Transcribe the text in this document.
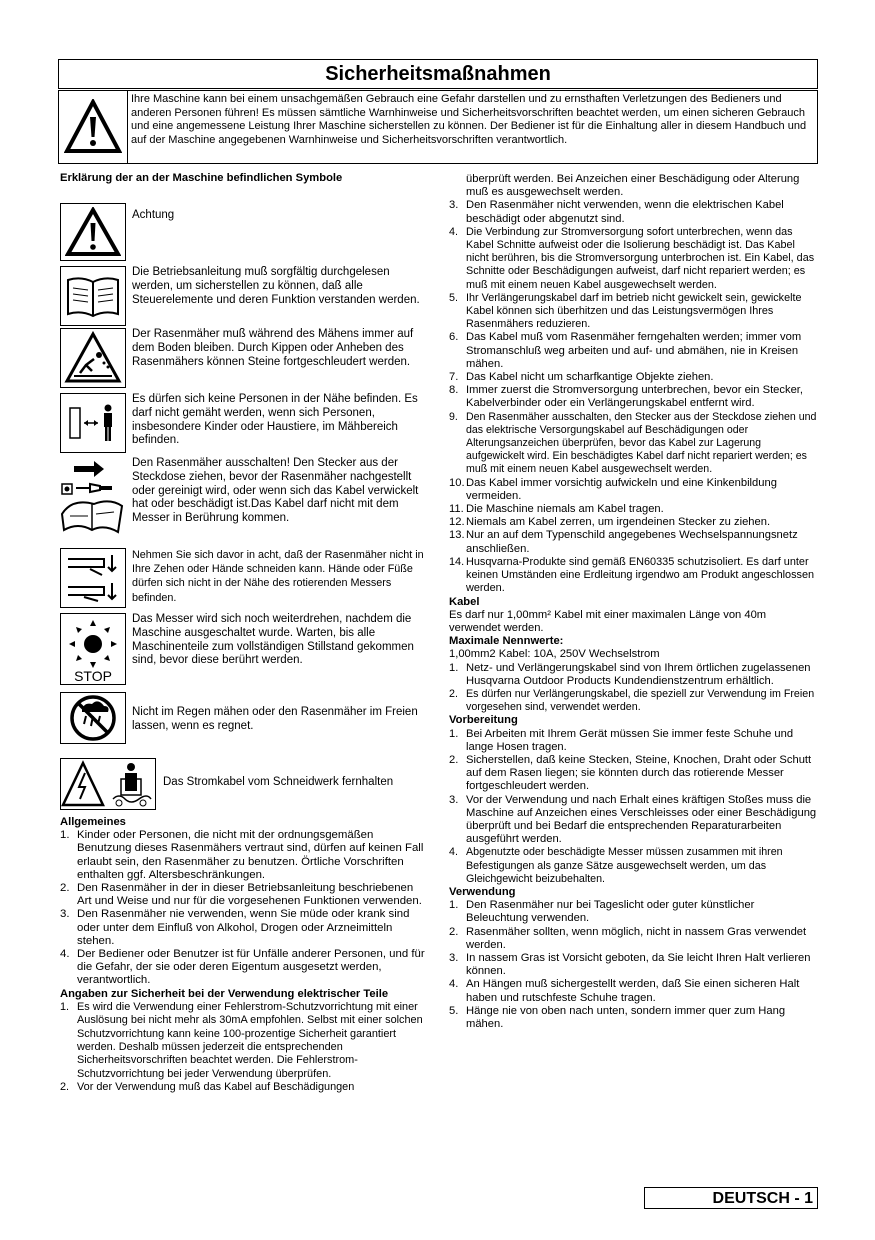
Sicherheitsmaßnahmen
Ihre Maschine kann bei einem unsachgemäßen Gebrauch eine Gefahr darstellen und zu ernsthaften Verletzungen des Bedieners und anderen Personen führen! Es müssen sämtliche Warnhinweise und Sicherheitsvorschriften beachtet werden, um einen sicheren Gebrauch und eine angemessene Leistung Ihrer Maschine sicherstellen zu können. Der Bediener ist für die Einhaltung aller in diesem Handbuch und auf der Maschine angegebenen Warnhinweise und Sicherheitsvorschriften verantwortlich.
Erklärung der an der Maschine befindlichen Symbole
Achtung
Die Betriebsanleitung muß sorgfältig durchgelesen werden, um sicherstellen zu können, daß alle Steuerelemente und deren Funktion verstanden werden.
Der Rasenmäher muß während des Mähens immer auf dem Boden bleiben. Durch Kippen oder Anheben des Rasenmähers können Steine fortgeschleudert werden.
Es dürfen sich keine Personen in der Nähe befinden. Es darf nicht gemäht werden, wenn sich Personen, insbesondere Kinder oder Haustiere, im Mähbereich befinden.
Den Rasenmäher ausschalten! Den Stecker aus der Steckdose ziehen, bevor der Rasenmäher nachgestellt oder gereinigt wird, oder wenn sich das Kabel verwickelt hat oder beschädigt ist.Das Kabel darf nicht mit dem Messer in Berührung kommen.
Nehmen Sie sich davor in acht, daß der Rasenmäher nicht in Ihre Zehen oder Hände schneiden kann. Hände oder Füße dürfen sich nicht in der Nähe des rotierenden Messers befinden.
STOP
Das Messer wird sich noch weiterdrehen, nachdem die Maschine ausgeschaltet wurde. Warten, bis alle Maschinenteile zum vollständigen Stillstand gekommen sind, bevor diese berührt werden.
Nicht im Regen mähen oder den Rasenmäher im Freien lassen, wenn es regnet.
Das Stromkabel vom Schneidwerk fernhalten
Allgemeines
1. Kinder oder Personen, die nicht mit der ordnungsgemäßen Benutzung dieses Rasenmähers vertraut sind, dürfen auf keinen Fall erlaubt sein, den Rasenmäher zu benutzen. Örtliche Vorschriften enthalten ggf. Altersbeschränkungen.
2. Den Rasenmäher in der in dieser Betriebsanleitung beschriebenen Art und Weise und nur für die vorgesehenen Funktionen verwenden.
3. Den Rasenmäher nie verwenden, wenn Sie müde oder krank sind oder unter dem Einfluß von Alkohol, Drogen oder Arzneimitteln stehen.
4. Der Bediener oder Benutzer ist für Unfälle anderer Personen, und für die Gefahr, der sie oder deren Eigentum ausgesetzt werden, verantwortlich.
Angaben zur Sicherheit bei der Verwendung elektrischer Teile
1. Es wird die Verwendung einer Fehlerstrom-Schutzvorrichtung mit einer Auslösung bei nicht mehr als 30mA empfohlen. Selbst mit einer solchen Schutzvorrichtung kann keine 100-prozentige Sicherheit garantiert werden. Deshalb müssen jederzeit die entsprechenden Sicherheitsvorschriften beachtet werden. Die Fehlerstrom-Schutzvorrichtung bei jeder Verwendung überprüfen.
2. Vor der Verwendung muß das Kabel auf Beschädigungen
überprüft werden. Bei Anzeichen einer Beschädigung oder Alterung muß es ausgewechselt werden.
3. Den Rasenmäher nicht verwenden, wenn die elektrischen Kabel beschädigt oder abgenutzt sind.
4. Die Verbindung zur Stromversorgung sofort unterbrechen, wenn das Kabel Schnitte aufweist oder die Isolierung beschädigt ist. Das Kabel nicht berühren, bis die Stromversorgung unterbrochen ist. Ein Kabel, das Schnitte oder Beschädigungen aufweist, darf nicht repariert werden; es muß mit einem neuen Kabel ausgewechselt werden.
5. Ihr Verlängerungskabel darf im betrieb nicht gewickelt sein, gewickelte Kabel können sich überhitzen und das Leistungsvermögen Ihres Rasenmähers reduzieren.
6. Das Kabel muß vom Rasenmäher ferngehalten werden; immer vom Stromanschluß weg arbeiten und auf- und abmähen, nie in Kreisen mähen.
7. Das Kabel nicht um scharfkantige Objekte ziehen.
8. Immer zuerst die Stromversorgung unterbrechen, bevor ein Stecker, Kabelverbinder oder ein Verlängerungskabel entfernt wird.
9. Den Rasenmäher ausschalten, den Stecker aus der Steckdose ziehen und das elektrische Versorgungskabel auf Beschädigungen oder Alterungsanzeichen überprüfen, bevor das Kabel zur Lagerung aufgewickelt wird. Ein beschädigtes Kabel darf nicht repariert werden; es muß mit einem neuen Kabel ausgewechselt werden.
10. Das Kabel immer vorsichtig aufwickeln und eine Kinkenbildung vermeiden.
11. Die Maschine niemals am Kabel tragen.
12. Niemals am Kabel zerren, um irgendeinen Stecker zu ziehen.
13. Nur an auf dem Typenschild angegebenes Wechselspannungsnetz anschließen.
14. Husqvarna-Produkte sind gemäß EN60335 schutzisoliert. Es darf unter keinen Umständen eine Erdleitung irgendwo am Produkt angeschlossen werden.
Kabel
Es darf nur 1,00mm² Kabel mit einer maximalen Länge von 40m verwendet werden.
Maximale Nennwerte:
1,00mm2 Kabel: 10A, 250V Wechselstrom
1. Netz- und Verlängerungskabel sind von Ihrem örtlichen zugelassenen Husqvarna Outdoor Products Kundendienstzentrum erhältlich.
2. Es dürfen nur Verlängerungskabel, die speziell zur Verwendung im Freien vorgesehen sind, verwendet werden.
Vorbereitung
1. Bei Arbeiten mit Ihrem Gerät müssen Sie immer feste Schuhe und lange Hosen tragen.
2. Sicherstellen, daß keine Stecken, Steine, Knochen, Draht oder Schutt auf dem Rasen liegen; sie könnten durch das rotierende Messer fortgeschleudert werden.
3. Vor der Verwendung und nach Erhalt eines kräftigen Stoßes muss die Maschine auf Anzeichen eines Verschleisses oder einer Beschädigung überprüft und bei Bedarf die entsprechenden Reparaturarbeiten ausgeführt werden.
4. Abgenutzte oder beschädigte Messer müssen zusammen mit ihren Befestigungen als ganze Sätze ausgewechselt werden, um das Gleichgewicht beizubehalten.
Verwendung
1. Den Rasenmäher nur bei Tageslicht oder guter künstlicher Beleuchtung verwenden.
2. Rasenmäher sollten, wenn möglich, nicht in nassem Gras verwendet werden.
3. In nassem Gras ist Vorsicht geboten, da Sie leicht Ihren Halt verlieren können.
4. An Hängen muß sichergestellt werden, daß Sie einen sicheren Halt haben und rutschfeste Schuhe tragen.
5. Hänge nie von oben nach unten, sondern immer quer zum Hang mähen.
DEUTSCH - 1
